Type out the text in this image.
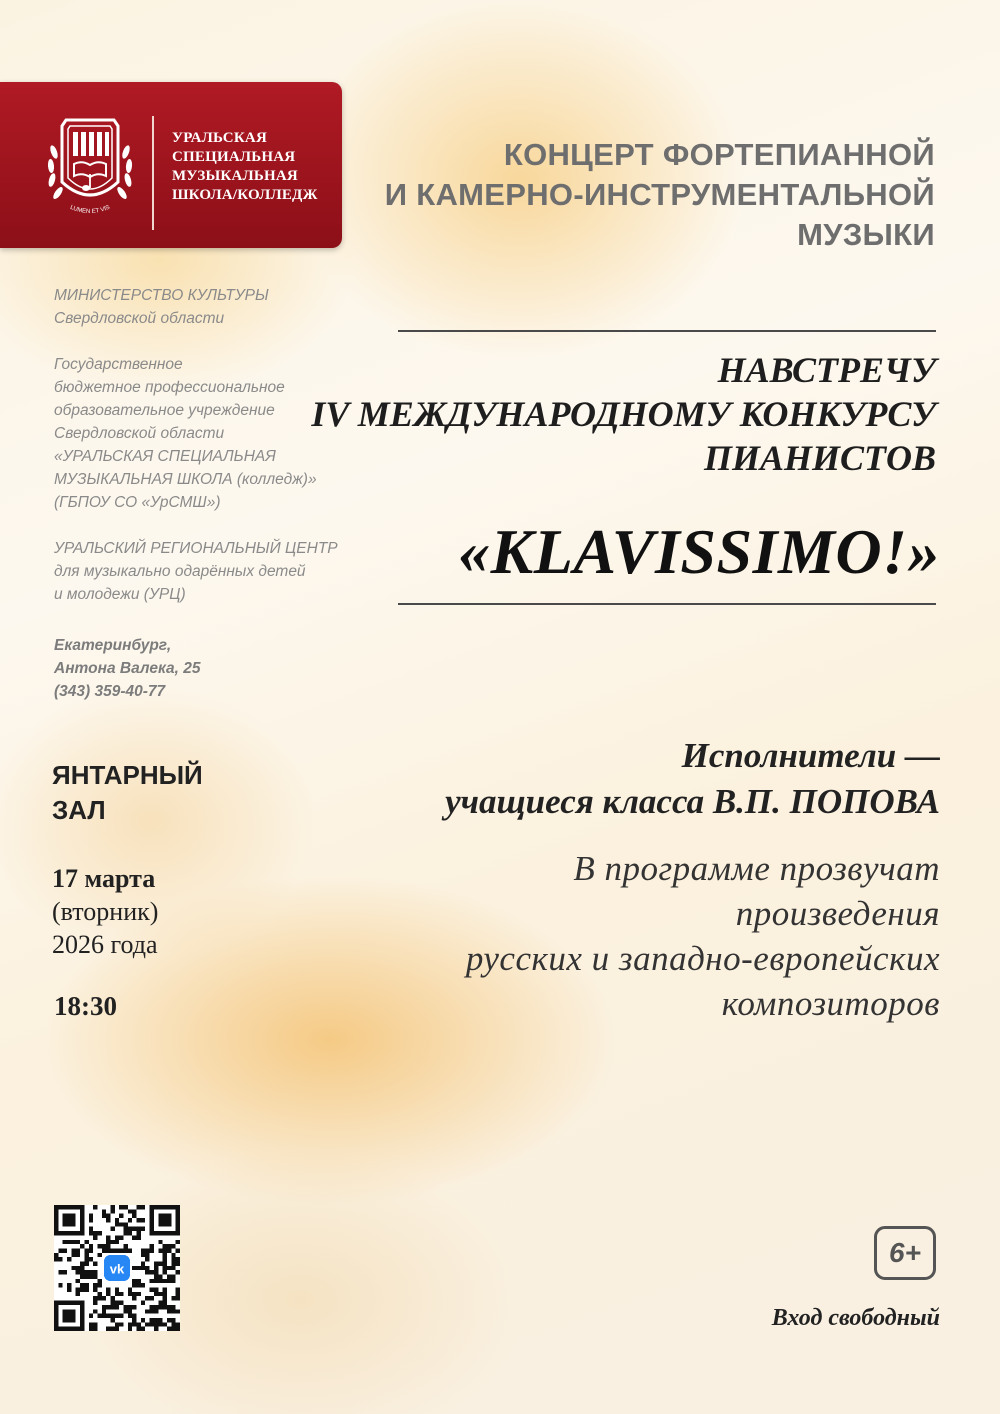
LUMEN ET VIS
УРАЛЬСКАЯ
СПЕЦИАЛЬНАЯ
МУЗЫКАЛЬНАЯ
ШКОЛА/КОЛЛЕДЖ
КОНЦЕРТ ФОРТЕПИАННОЙ
И КАМЕРНО-ИНСТРУМЕНТАЛЬНОЙ
МУЗЫКИ
НАВСТРЕЧУ
IV МЕЖДУНАРОДНОМУ КОНКУРСУ
ПИАНИСТОВ
«KLAVISSIMO!»
МИНИСТЕРСТВО КУЛЬТУРЫ
Свердловской области
Государственное
бюджетное профессиональное
образовательное учреждение
Свердловской области
«УРАЛЬСКАЯ СПЕЦИАЛЬНАЯ
МУЗЫКАЛЬНАЯ ШКОЛА (колледж)»
(ГБПОУ СО «УрСМШ»)
УРАЛЬСКИЙ РЕГИОНАЛЬНЫЙ ЦЕНТР
для музыкально одарённых детей
и молодежи (УРЦ)
Екатеринбург,
Антона Валека, 25
(343) 359-40-77
ЯНТАРНЫЙ
ЗАЛ
17 марта
(вторник)
2026 года
18:30
Исполнители —
учащиеся класса В.П. ПОПОВА
В программе прозвучат
произведения
русских и западно-европейских
композиторов
vk
6+
Вход свободный
